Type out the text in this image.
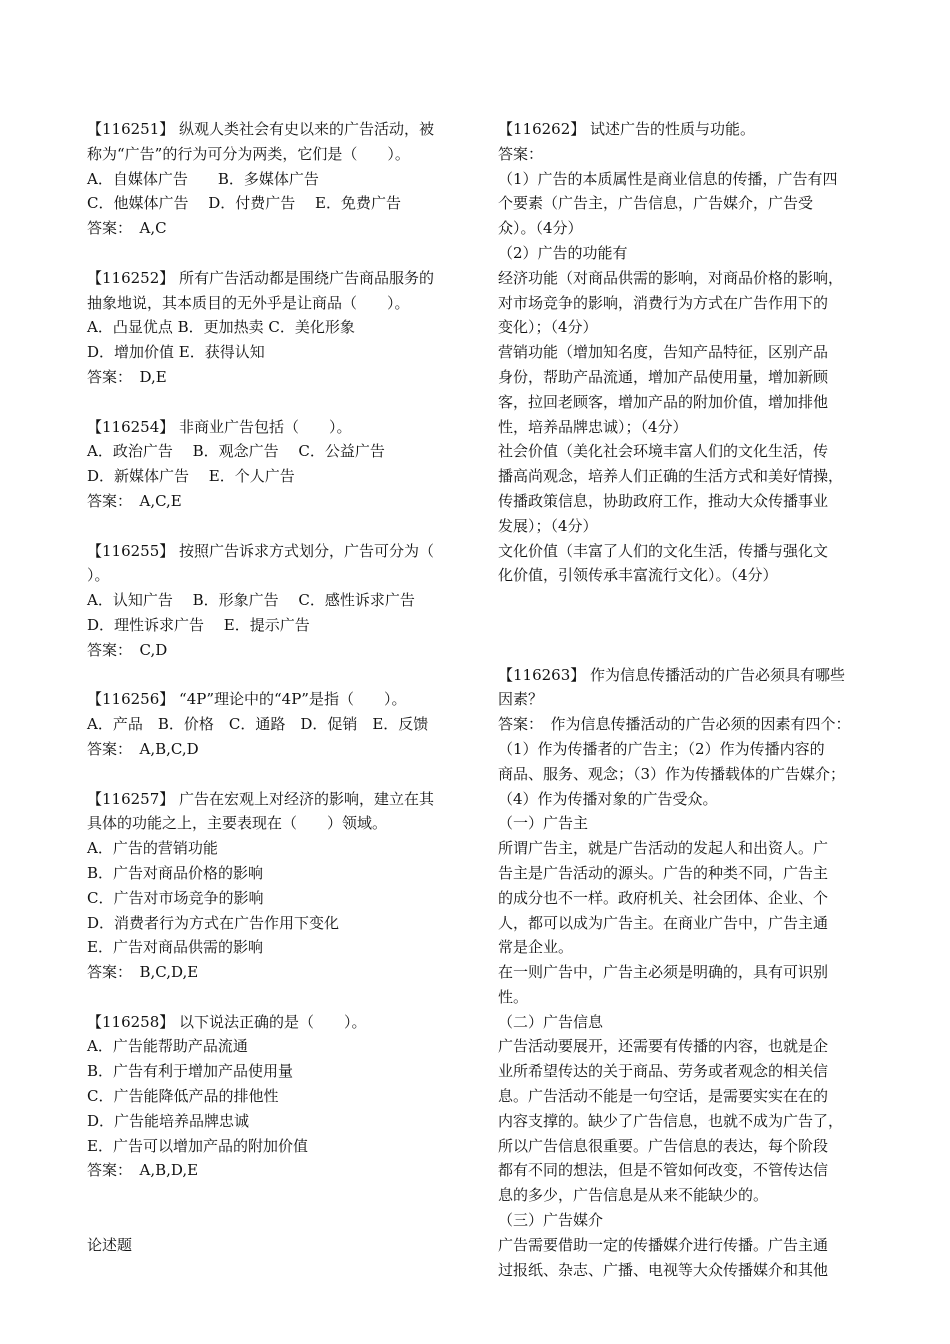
【116251】 纵观人类社会有史以来的广告活动，被
称为“广告”的行为可分为两类，它们是（　　）。
A．自媒体广告　　B．多媒体广告
C．他媒体广告　 D．付费广告　 E．免费广告
答案：　A,C
【116252】 所有广告活动都是围绕广告商品服务的
抽象地说，其本质目的无外乎是让商品（　　）。
A．凸显优点 B．更加热卖 C．美化形象
D．增加价值 E．获得认知
答案：　D,E
【116254】 非商业广告包括（　　）。
A．政治广告　 B．观念广告　 C．公益广告
D．新媒体广告　 E．个人广告
答案：　A,C,E
【116255】 按照广告诉求方式划分，广告可分为（
）。
A．认知广告　 B．形象广告　 C．感性诉求广告
D．理性诉求广告　 E．提示广告
答案：　C,D
【116256】 “4P”理论中的“4P”是指（　　）。
A．产品　B．价格　C．通路　D．促销　E．反馈
答案：　A,B,C,D
【116257】 广告在宏观上对经济的影响，建立在其
具体的功能之上，主要表现在（　　）领域。
A．广告的营销功能
B．广告对商品价格的影响
C．广告对市场竞争的影响
D．消费者行为方式在广告作用下变化
E．广告对商品供需的影响
答案：　B,C,D,E
【116258】 以下说法正确的是（　　）。
A．广告能帮助产品流通
B．广告有利于增加产品使用量
C．广告能降低产品的排他性
D．广告能培养品牌忠诚
E．广告可以增加产品的附加价值
答案：　A,B,D,E
论述题
【116262】 试述广告的性质与功能。
答案：
（1）广告的本质属性是商业信息的传播，广告有四
个要素（广告主，广告信息，广告媒介，广告受
众）。（4分）
（2）广告的功能有
经济功能（对商品供需的影响，对商品价格的影响，
对市场竞争的影响，消费行为方式在广告作用下的
变化）；（4分）
营销功能（增加知名度，告知产品特征，区别产品
身份，帮助产品流通，增加产品使用量，增加新顾
客，拉回老顾客，增加产品的附加价值，增加排他
性，培养品牌忠诚）；（4分）
社会价值（美化社会环境丰富人们的文化生活，传
播高尚观念，培养人们正确的生活方式和美好情操，
传播政策信息，协助政府工作，推动大众传播事业
发展）；（4分）
文化价值（丰富了人们的文化生活，传播与强化文
化价值，引领传承丰富流行文化）。（4分）
【116263】 作为信息传播活动的广告必须具有哪些
因素？
答案：　作为信息传播活动的广告必须的因素有四个：
（1）作为传播者的广告主；（2）作为传播内容的
商品、服务、观念；（3）作为传播载体的广告媒介；
（4）作为传播对象的广告受众。
（一）广告主
所谓广告主，就是广告活动的发起人和出资人。广
告主是广告活动的源头。广告的种类不同，广告主
的成分也不一样。政府机关、社会团体、企业、个
人，都可以成为广告主。在商业广告中，广告主通
常是企业。
在一则广告中，广告主必须是明确的，具有可识别
性。
（二）广告信息
广告活动要展开，还需要有传播的内容，也就是企
业所希望传达的关于商品、劳务或者观念的相关信
息。广告活动不能是一句空话，是需要实实在在的
内容支撑的。缺少了广告信息，也就不成为广告了，
所以广告信息很重要。广告信息的表达，每个阶段
都有不同的想法，但是不管如何改变，不管传达信
息的多少，广告信息是从来不能缺少的。
（三）广告媒介
广告需要借助一定的传播媒介进行传播。广告主通
过报纸、杂志、广播、电视等大众传播媒介和其他
